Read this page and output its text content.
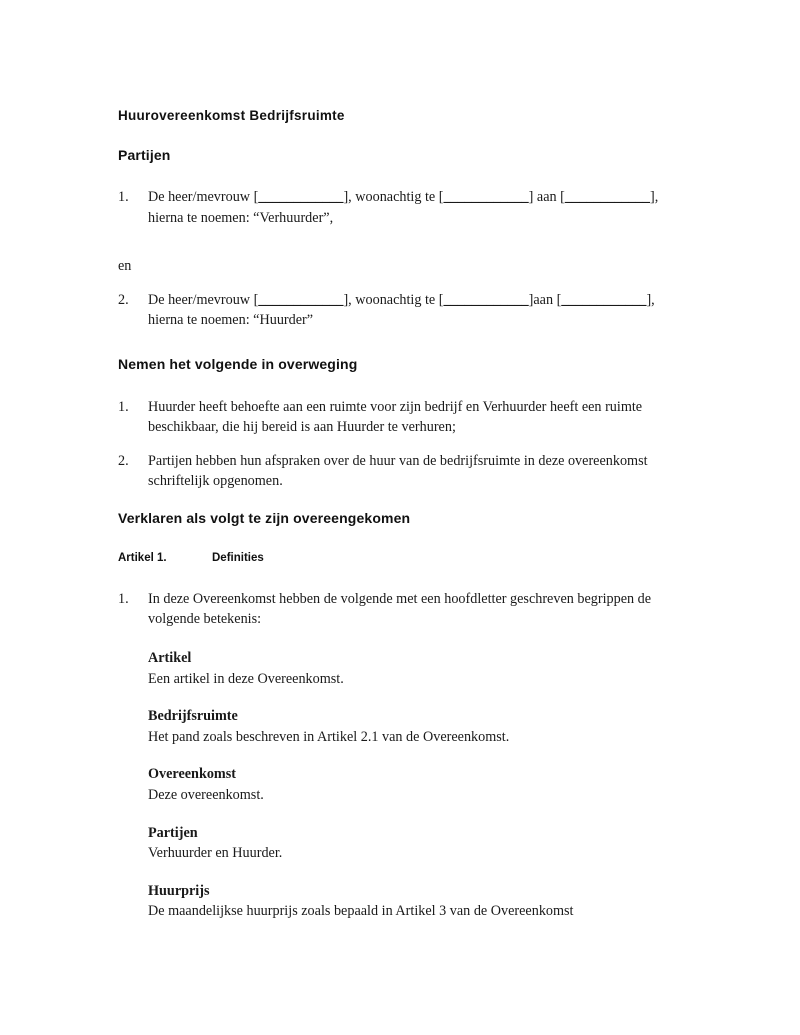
Huurovereenkomst Bedrijfsruimte
Partijen
1.	De heer/mevrouw [____________], woonachtig te [____________] aan [____________], hierna te noemen: “Verhuurder”,

en

2.	De heer/mevrouw [____________], woonachtig te [____________]aan [____________], hierna te noemen: “Huurder”
Nemen het volgende in overweging
1.	Huurder heeft behoefte aan een ruimte voor zijn bedrijf en Verhuurder heeft een ruimte beschikbaar, die hij bereid is aan Huurder te verhuren;
2.	Partijen hebben hun afspraken over de huur van de bedrijfsruimte in deze overeenkomst schriftelijk opgenomen.
Verklaren als volgt te zijn overeengekomen
Artikel 1.	Definities
1.	In deze Overeenkomst hebben de volgende met een hoofdletter geschreven begrippen de volgende betekenis:

Artikel

Een artikel in deze Overeenkomst.

Bedrijfsruimte

Het pand zoals beschreven in Artikel 2.1 van de Overeenkomst.

Overeenkomst

Deze overeenkomst.

Partijen

Verhuurder en Huurder.

Huurprijs

De maandelijkse huurprijs zoals bepaald in Artikel 3 van de Overeenkomst
